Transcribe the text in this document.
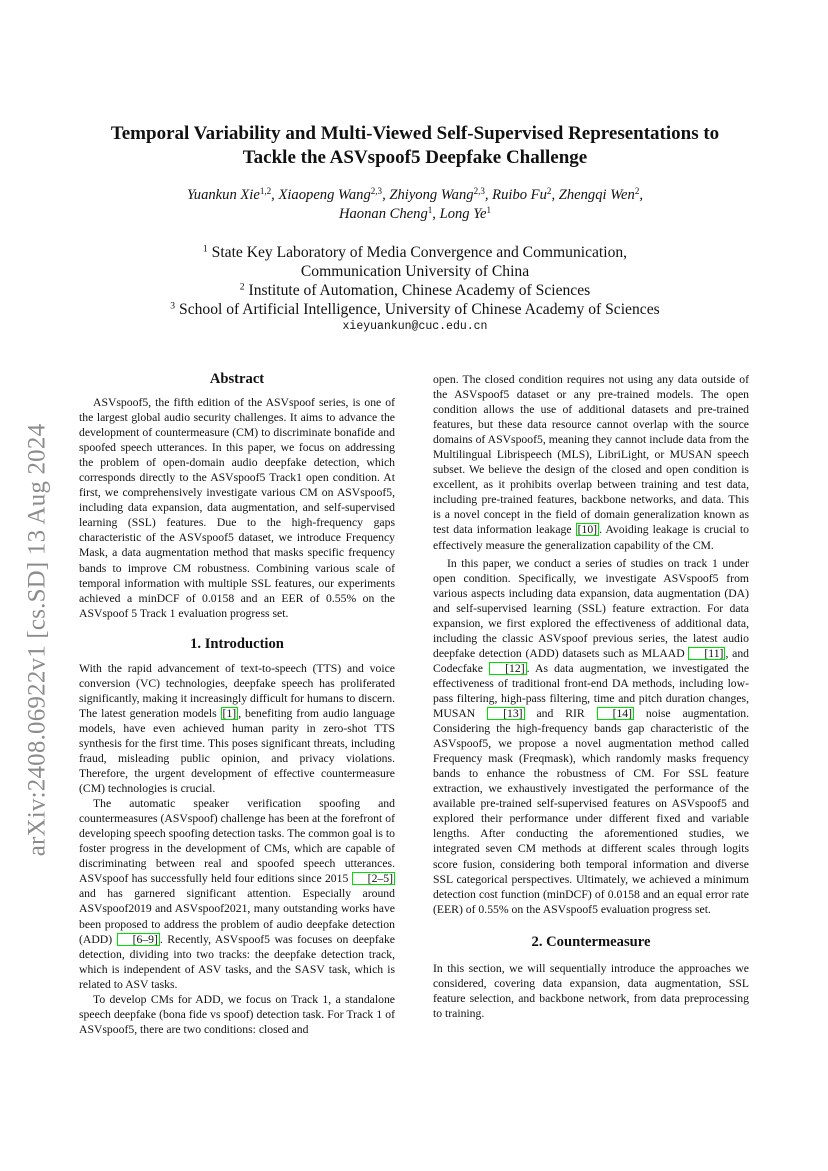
arXiv:2408.06922v1 [cs.SD] 13 Aug 2024
Temporal Variability and Multi-Viewed Self-Supervised Representations to
Tackle the ASVspoof5 Deepfake Challenge
Yuankun Xie$^{1,2}$, Xiaopeng Wang$^{2,3}$, Zhiyong Wang$^{2,3}$, Ruibo Fu$^2$, Zhengqi Wen$^2$,
Haonan Cheng$^1$, Long Ye$^1$
$^1$ State Key Laboratory of Media Convergence and Communication,
Communication University of China
$^2$ Institute of Automation, Chinese Academy of Sciences
$^3$ School of Artificial Intelligence, University of Chinese Academy of Sciences
xieyuankun@cuc.edu.cn
Abstract

ASVspoof5, the fifth edition of the ASVspoof series, is one of the largest global audio security challenges. It aims to advance the development of countermeasure (CM) to discriminate bonafide and spoofed speech utterances. In this paper, we focus on addressing the problem of open-domain audio deepfake detection, which corresponds directly to the ASVspoof5 Track1 open condition. At first, we comprehensively investigate various CM on ASVspoof5, including data expansion, data augmentation, and self-supervised learning (SSL) features. Due to the high-frequency gaps characteristic of the ASVspoof5 dataset, we introduce Frequency Mask, a data augmentation method that masks specific frequency bands to improve CM robustness. Combining various scale of temporal information with multiple SSL features, our experiments achieved a minDCF of 0.0158 and an EER of 0.55% on the ASVspoof 5 Track 1 evaluation progress set.

1. Introduction

With the rapid advancement of text-to-speech (TTS) and voice conversion (VC) technologies, deepfake speech has proliferated significantly, making it increasingly difficult for humans to discern. The latest generation models [1] , benefiting from audio language models, have even achieved human parity in zero-shot TTS synthesis for the first time. This poses significant threats, including fraud, misleading public opinion, and privacy violations. Therefore, the urgent development of effective countermeasure (CM) technologies is crucial.

The automatic speaker verification spoofing and countermeasures (ASVspoof) challenge has been at the forefront of developing speech spoofing detection tasks. The common goal is to foster progress in the development of CMs, which are capable of discriminating between real and spoofed speech utterances. ASVspoof has successfully held four editions since 2015 [2–5] and has garnered significant attention. Especially around ASVspoof2019 and ASVspoof2021, many outstanding works have been proposed to address the problem of audio deepfake detection (ADD) [6–9] . Recently, ASVspoof5 was focuses on deepfake detection, dividing into two tracks: the deepfake detection track, which is independent of ASV tasks, and the SASV task, which is related to ASV tasks.

To develop CMs for ADD, we focus on Track 1, a standalone speech deepfake (bona fide vs spoof) detection task. For Track 1 of ASVspoof5, there are two conditions: closed and

open. The closed condition requires not using any data outside of the ASVspoof5 dataset or any pre-trained models. The open condition allows the use of additional datasets and pre-trained features, but these data resource cannot overlap with the source domains of ASVspoof5, meaning they cannot include data from the Multilingual Librispeech (MLS), LibriLight, or MUSAN speech subset. We believe the design of the closed and open condition is excellent, as it prohibits overlap between training and test data, including pre-trained features, backbone networks, and data. This is a novel concept in the field of domain generalization known as test data information leakage [10] . Avoiding leakage is crucial to effectively measure the generalization capability of the CM.

In this paper, we conduct a series of studies on track 1 under open condition. Specifically, we investigate ASVspoof5 from various aspects including data expansion, data augmentation (DA) and self-supervised learning (SSL) feature extraction. For data expansion, we first explored the effectiveness of additional data, including the classic ASVspoof previous series, the latest audio deepfake detection (ADD) datasets such as MLAAD [11] , and Codecfake [12] . As data augmentation, we investigated the effectiveness of traditional front-end DA methods, including low-pass filtering, high-pass filtering, time and pitch duration changes, MUSAN [13] and RIR [14] noise augmentation. Considering the high-frequency bands gap characteristic of the ASVspoof5, we propose a novel augmentation method called Frequency mask (Freqmask), which randomly masks frequency bands to enhance the robustness of CM. For SSL feature extraction, we exhaustively investigated the performance of the available pre-trained self-supervised features on ASVspoof5 and explored their performance under different fixed and variable lengths. After conducting the aforementioned studies, we integrated seven CM methods at different scales through logits score fusion, considering both temporal information and diverse SSL categorical perspectives. Ultimately, we achieved a minimum detection cost function (minDCF) of 0.0158 and an equal error rate (EER) of 0.55% on the ASVspoof5 evaluation progress set.

2. Countermeasure

In this section, we will sequentially introduce the approaches we considered, covering data expansion, data augmentation, SSL feature selection, and backbone network, from data preprocessing to training.
